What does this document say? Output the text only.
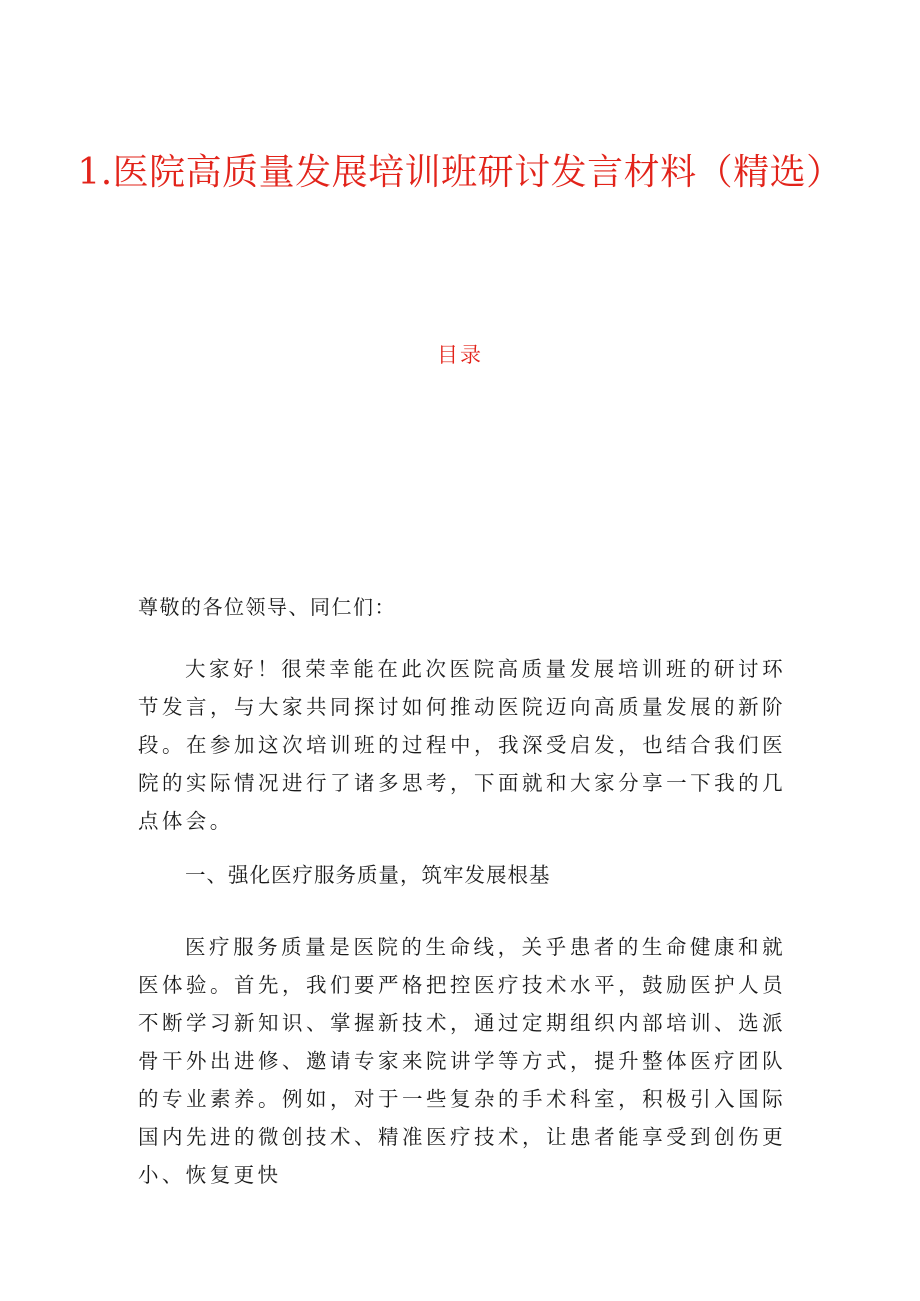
1.医院高质量发展培训班研讨发言材料（精选）
目录
尊敬的各位领导、同仁们：
大家好！很荣幸能在此次医院高质量发展培训班的研讨环节发言，与大家共同探讨如何推动医院迈向高质量发展的新阶段。在参加这次培训班的过程中，我深受启发，也结合我们医院的实际情况进行了诸多思考，下面就和大家分享一下我的几点体会。
一、强化医疗服务质量，筑牢发展根基
医疗服务质量是医院的生命线，关乎患者的生命健康和就医体验。首先，我们要严格把控医疗技术水平，鼓励医护人员不断学习新知识、掌握新技术，通过定期组织内部培训、选派骨干外出进修、邀请专家来院讲学等方式，提升整体医疗团队的专业素养。例如，对于一些复杂的手术科室，积极引入国际国内先进的微创技术、精准医疗技术，让患者能享受到创伤更小、恢复更快
